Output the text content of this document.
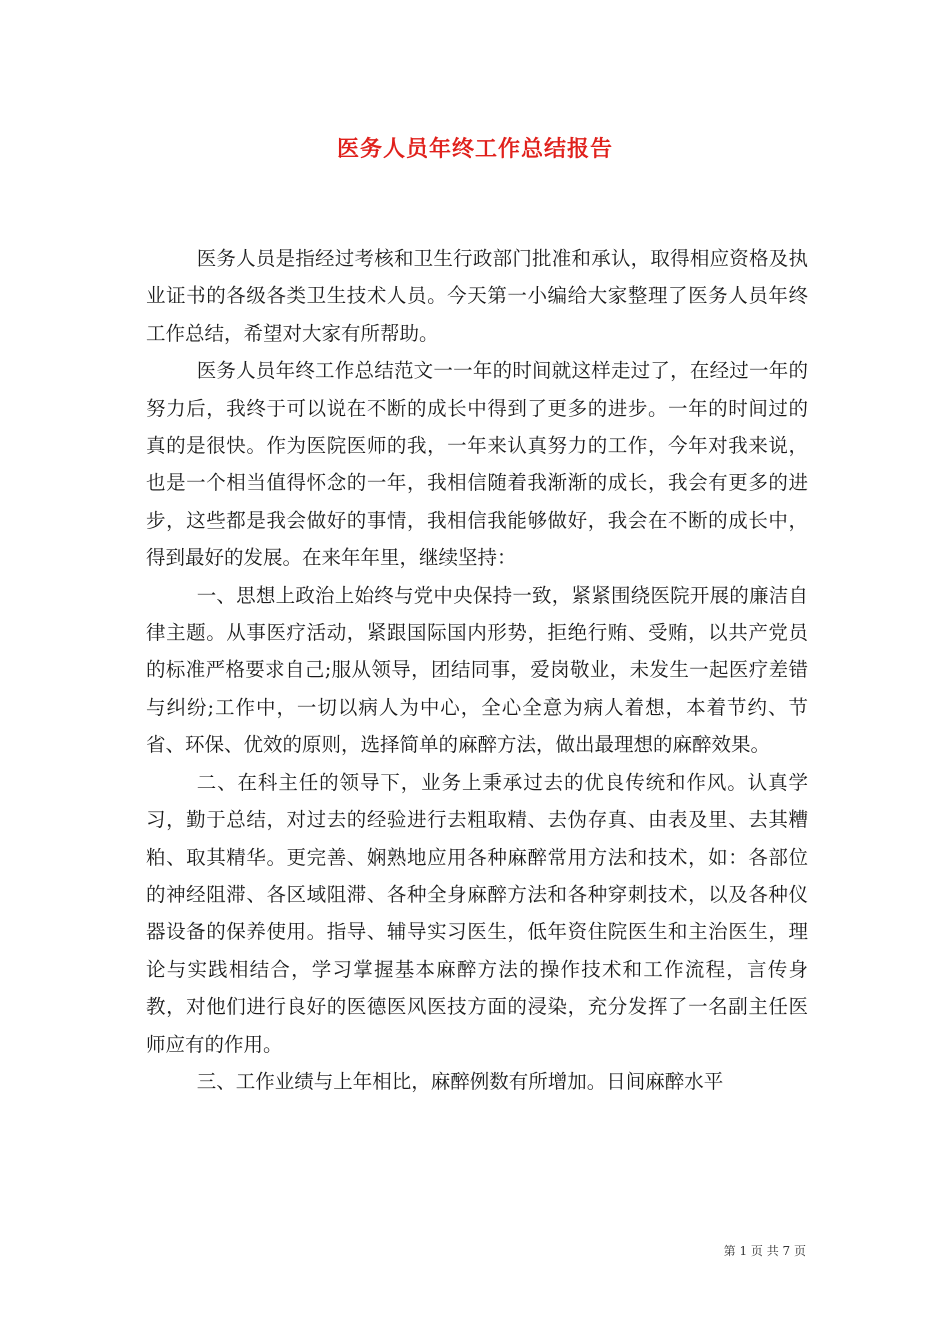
医务人员年终工作总结报告

医务人员是指经过考核和卫生行政部门批准和承认，取得相应资格及执业证书的各级各类卫生技术人员。今天第一小编给大家整理了医务人员年终工作总结，希望对大家有所帮助。

医务人员年终工作总结范文一一年的时间就这样走过了，在经过一年的努力后，我终于可以说在不断的成长中得到了更多的进步。一年的时间过的真的是很快。作为医院医师的我，一年来认真努力的工作，今年对我来说，也是一个相当值得怀念的一年，我相信随着我渐渐的成长，我会有更多的进步，这些都是我会做好的事情，我相信我能够做好，我会在不断的成长中，得到最好的发展。在来年年里，继续坚持：

一、思想上政治上始终与党中央保持一致，紧紧围绕医院开展的廉洁自律主题。从事医疗活动，紧跟国际国内形势，拒绝行贿、受贿，以共产党员的标准严格要求自己;服从领导，团结同事，爱岗敬业，未发生一起医疗差错与纠纷;工作中，一切以病人为中心，全心全意为病人着想，本着节约、节省、环保、优效的原则，选择简单的麻醉方法，做出最理想的麻醉效果。

二、在科主任的领导下，业务上秉承过去的优良传统和作风。认真学习，勤于总结，对过去的经验进行去粗取精、去伪存真、由表及里、去其糟粕、取其精华。更完善、娴熟地应用各种麻醉常用方法和技术，如：各部位的神经阻滞、各区域阻滞、各种全身麻醉方法和各种穿刺技术，以及各种仪器设备的保养使用。指导、辅导实习医生，低年资住院医生和主治医生，理论与实践相结合，学习掌握基本麻醉方法的操作技术和工作流程，言传身教，对他们进行良好的医德医风医技方面的浸染，充分发挥了一名副主任医师应有的作用。

三、工作业绩与上年相比，麻醉例数有所增加。日间麻醉水平

第 1 页 共 7 页
